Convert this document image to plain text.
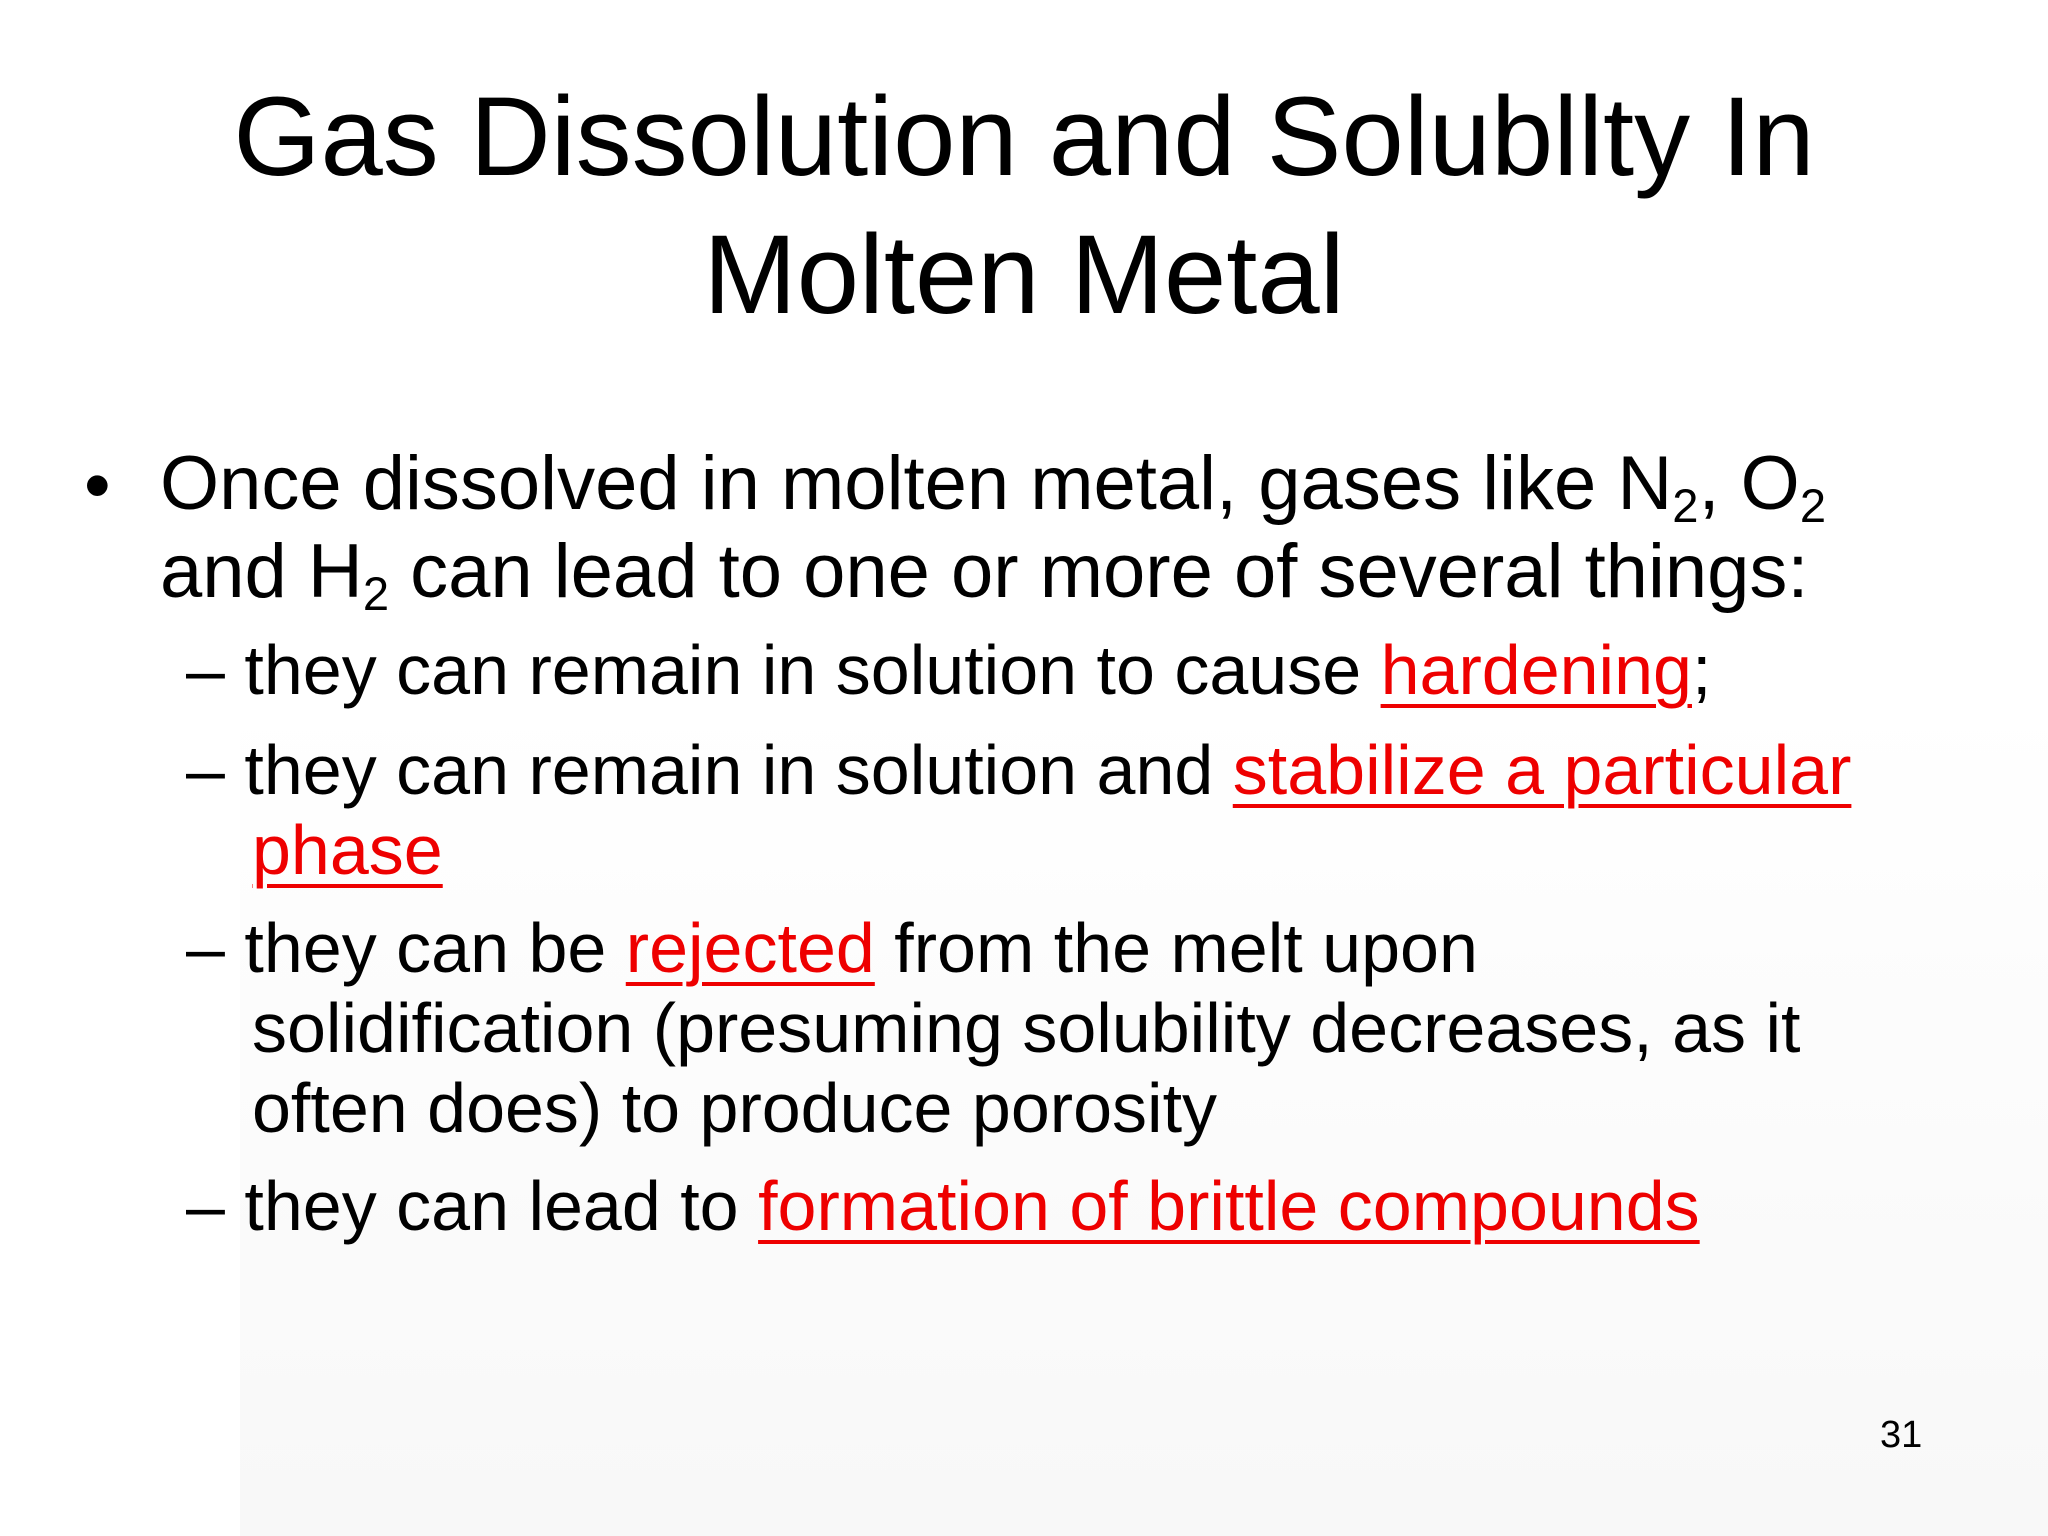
Gas Dissolution and Solubllty In
Molten Metal
• Once dissolved in molten metal, gases like $N_2$, $O_2$
and $H_2$ can lead to one or more of several things:
– they can remain in solution to cause hardening;
– they can remain in solution and stabilize a particular
phase
– they can be rejected from the melt upon
solidification (presuming solubility decreases, as it
often does) to produce porosity
– they can lead to formation of brittle compounds
31
